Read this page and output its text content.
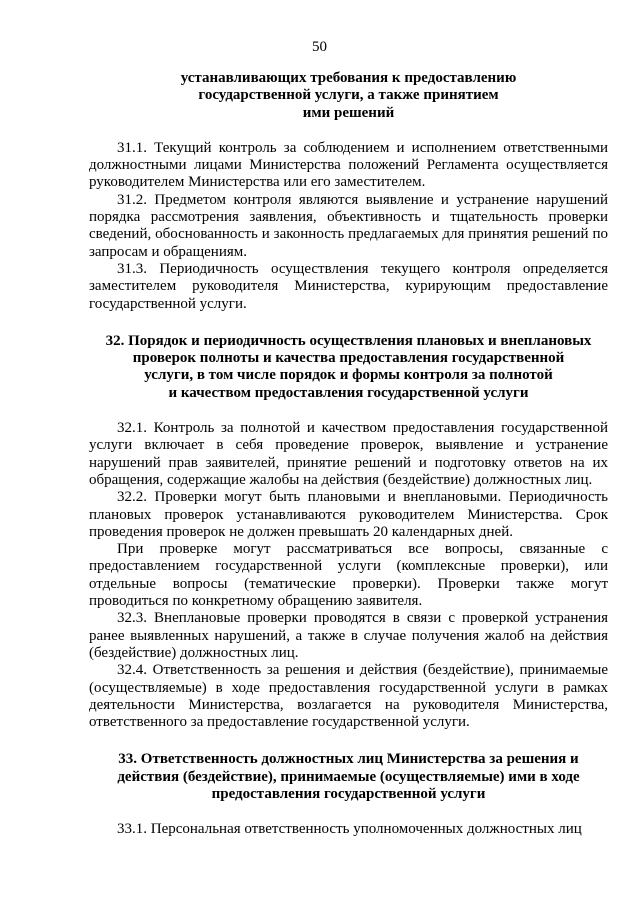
50
устанавливающих требования к предоставлению
государственной услуги, а также принятием
ими решений

31.1. Текущий контроль за соблюдением и исполнением ответственными должностными лицами Министерства положений Регламента осуществляется руководителем Министерства или его заместителем.

31.2. Предметом контроля являются выявление и устранение нарушений порядка рассмотрения заявления, объективность и тщательность проверки сведений, обоснованность и законность предлагаемых для принятия решений по запросам и обращениям.

31.3. Периодичность осуществления текущего контроля определяется заместителем руководителя Министерства, курирующим предоставление государственной услуги.

32. Порядок и периодичность осуществления плановых и внеплановых
проверок полноты и качества предоставления государственной
услуги, в том числе порядок и формы контроля за полнотой
и качеством предоставления государственной услуги

32.1. Контроль за полнотой и качеством предоставления государственной услуги включает в себя проведение проверок, выявление и устранение нарушений прав заявителей, принятие решений и подготовку ответов на их обращения, содержащие жалобы на действия (бездействие) должностных лиц.

32.2. Проверки могут быть плановыми и внеплановыми. Периодичность плановых проверок устанавливаются руководителем Министерства. Срок проведения проверок не должен превышать 20 календарных дней.

При проверке могут рассматриваться все вопросы, связанные с предоставлением государственной услуги (комплексные проверки), или отдельные вопросы (тематические проверки). Проверки также могут проводиться по конкретному обращению заявителя.

32.3. Внеплановые проверки проводятся в связи с проверкой устранения ранее выявленных нарушений, а также в случае получения жалоб на действия (бездействие) должностных лиц.

32.4. Ответственность за решения и действия (бездействие), принимаемые (осуществляемые) в ходе предоставления государственной услуги в рамках деятельности Министерства, возлагается на руководителя Министерства, ответственного за предоставление государственной услуги.

33. Ответственность должностных лиц Министерства за решения и
действия (бездействие), принимаемые (осуществляемые) ими в ходе
предоставления государственной услуги

33.1. Персональная ответственность уполномоченных должностных лиц
